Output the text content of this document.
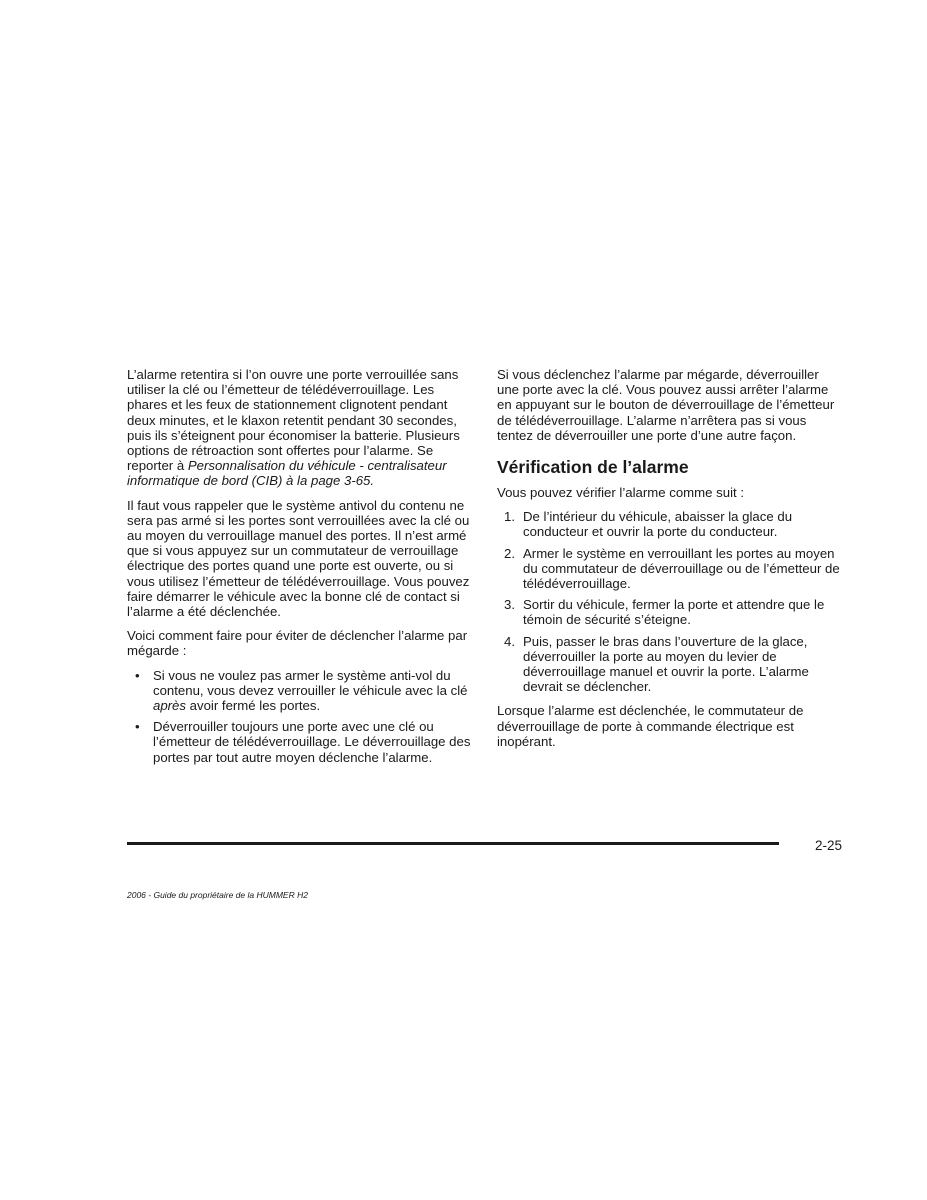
L’alarme retentira si l’on ouvre une porte verrouillée sans utiliser la clé ou l’émetteur de télédéverrouillage. Les phares et les feux de stationnement clignotent pendant deux minutes, et le klaxon retentit pendant 30 secondes, puis ils s’éteignent pour économiser la batterie. Plusieurs options de rétroaction sont offertes pour l’alarme. Se reporter à Personnalisation du véhicule - centralisateur informatique de bord (CIB) à la page 3-65.

Il faut vous rappeler que le système antivol du contenu ne sera pas armé si les portes sont verrouillées avec la clé ou au moyen du verrouillage manuel des portes. Il n’est armé que si vous appuyez sur un commutateur de verrouillage électrique des portes quand une porte est ouverte, ou si vous utilisez l’émetteur de télédéverrouillage. Vous pouvez faire démarrer le véhicule avec la bonne clé de contact si l’alarme a été déclenchée.

Voici comment faire pour éviter de déclencher l’alarme par mégarde :

• Si vous ne voulez pas armer le système anti-vol du contenu, vous devez verrouiller le véhicule avec la clé après avoir fermé les portes.
• Déverrouiller toujours une porte avec une clé ou l’émetteur de télédéverrouillage. Le déverrouillage des portes par tout autre moyen déclenche l’alarme.

Si vous déclenchez l’alarme par mégarde, déverrouiller une porte avec la clé. Vous pouvez aussi arrêter l’alarme en appuyant sur le bouton de déverrouillage de l’émetteur de télédéverrouillage. L’alarme n’arrêtera pas si vous tentez de déverrouiller une porte d’une autre façon.

Vérification de l’alarme

Vous pouvez vérifier l’alarme comme suit :

1. De l’intérieur du véhicule, abaisser la glace du conducteur et ouvrir la porte du conducteur.
2. Armer le système en verrouillant les portes au moyen du commutateur de déverrouillage ou de l’émetteur de télédéverrouillage.
3. Sortir du véhicule, fermer la porte et attendre que le témoin de sécurité s’éteigne.
4. Puis, passer le bras dans l’ouverture de la glace, déverrouiller la porte au moyen du levier de déverrouillage manuel et ouvrir la porte. L’alarme devrait se déclencher.

Lorsque l’alarme est déclenchée, le commutateur de déverrouillage de porte à commande électrique est inopérant.

2-25
2006 - Guide du propriétaire de la HUMMER H2
